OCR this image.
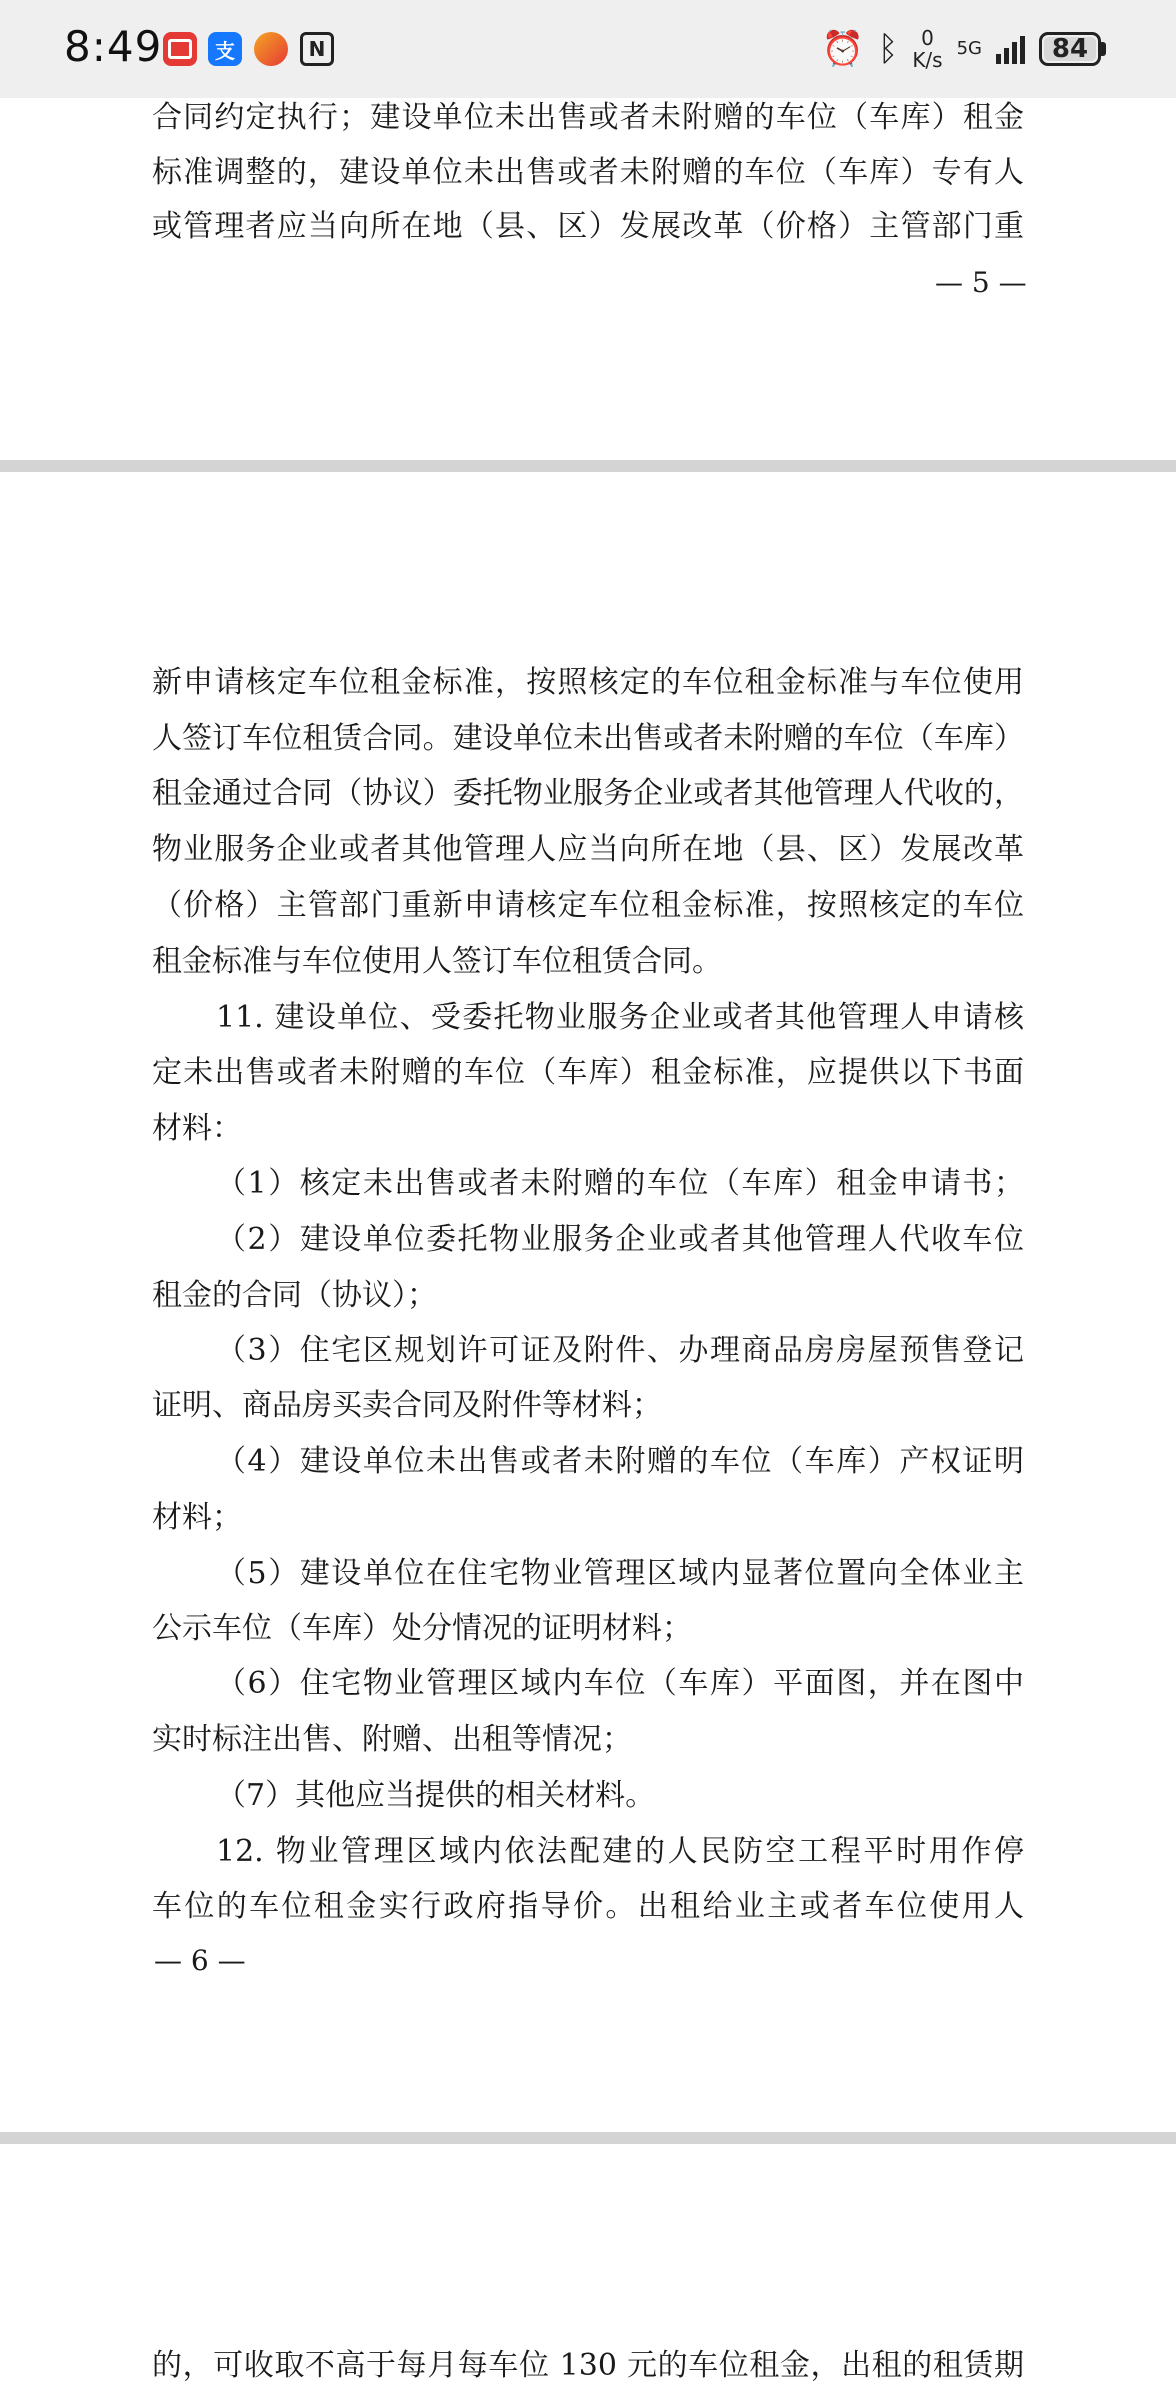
8:49	支	N	⏰ ᛒ 0
K/s 5G	84
合同约定执行；建设单位未出售或者未附赠的车位（车库）租金
标准调整的，建设单位未出售或者未附赠的车位（车库）专有人
或管理者应当向所在地（县、区）发展改革（价格）主管部门重
— 5 —
新申请核定车位租金标准，按照核定的车位租金标准与车位使用
人签订车位租赁合同。建设单位未出售或者未附赠的车位（车库）
租金通过合同（协议）委托物业服务企业或者其他管理人代收的，
物业服务企业或者其他管理人应当向所在地（县、区）发展改革
（价格）主管部门重新申请核定车位租金标准，按照核定的车位
租金标准与车位使用人签订车位租赁合同。
11. 建设单位、受委托物业服务企业或者其他管理人申请核
定未出售或者未附赠的车位（车库）租金标准，应提供以下书面
材料：
（1）核定未出售或者未附赠的车位（车库）租金申请书；
（2）建设单位委托物业服务企业或者其他管理人代收车位
租金的合同（协议）；
（3）住宅区规划许可证及附件、办理商品房房屋预售登记
证明、商品房买卖合同及附件等材料；
（4）建设单位未出售或者未附赠的车位（车库）产权证明
材料；
（5）建设单位在住宅物业管理区域内显著位置向全体业主
公示车位（车库）处分情况的证明材料；
（6）住宅物业管理区域内车位（车库）平面图，并在图中
实时标注出售、附赠、出租等情况；
（7）其他应当提供的相关材料。
12. 物业管理区域内依法配建的人民防空工程平时用作停
车位的车位租金实行政府指导价。出租给业主或者车位使用人
— 6 —
的，可收取不高于每月每车位 130 元的车位租金，出租的租赁期
